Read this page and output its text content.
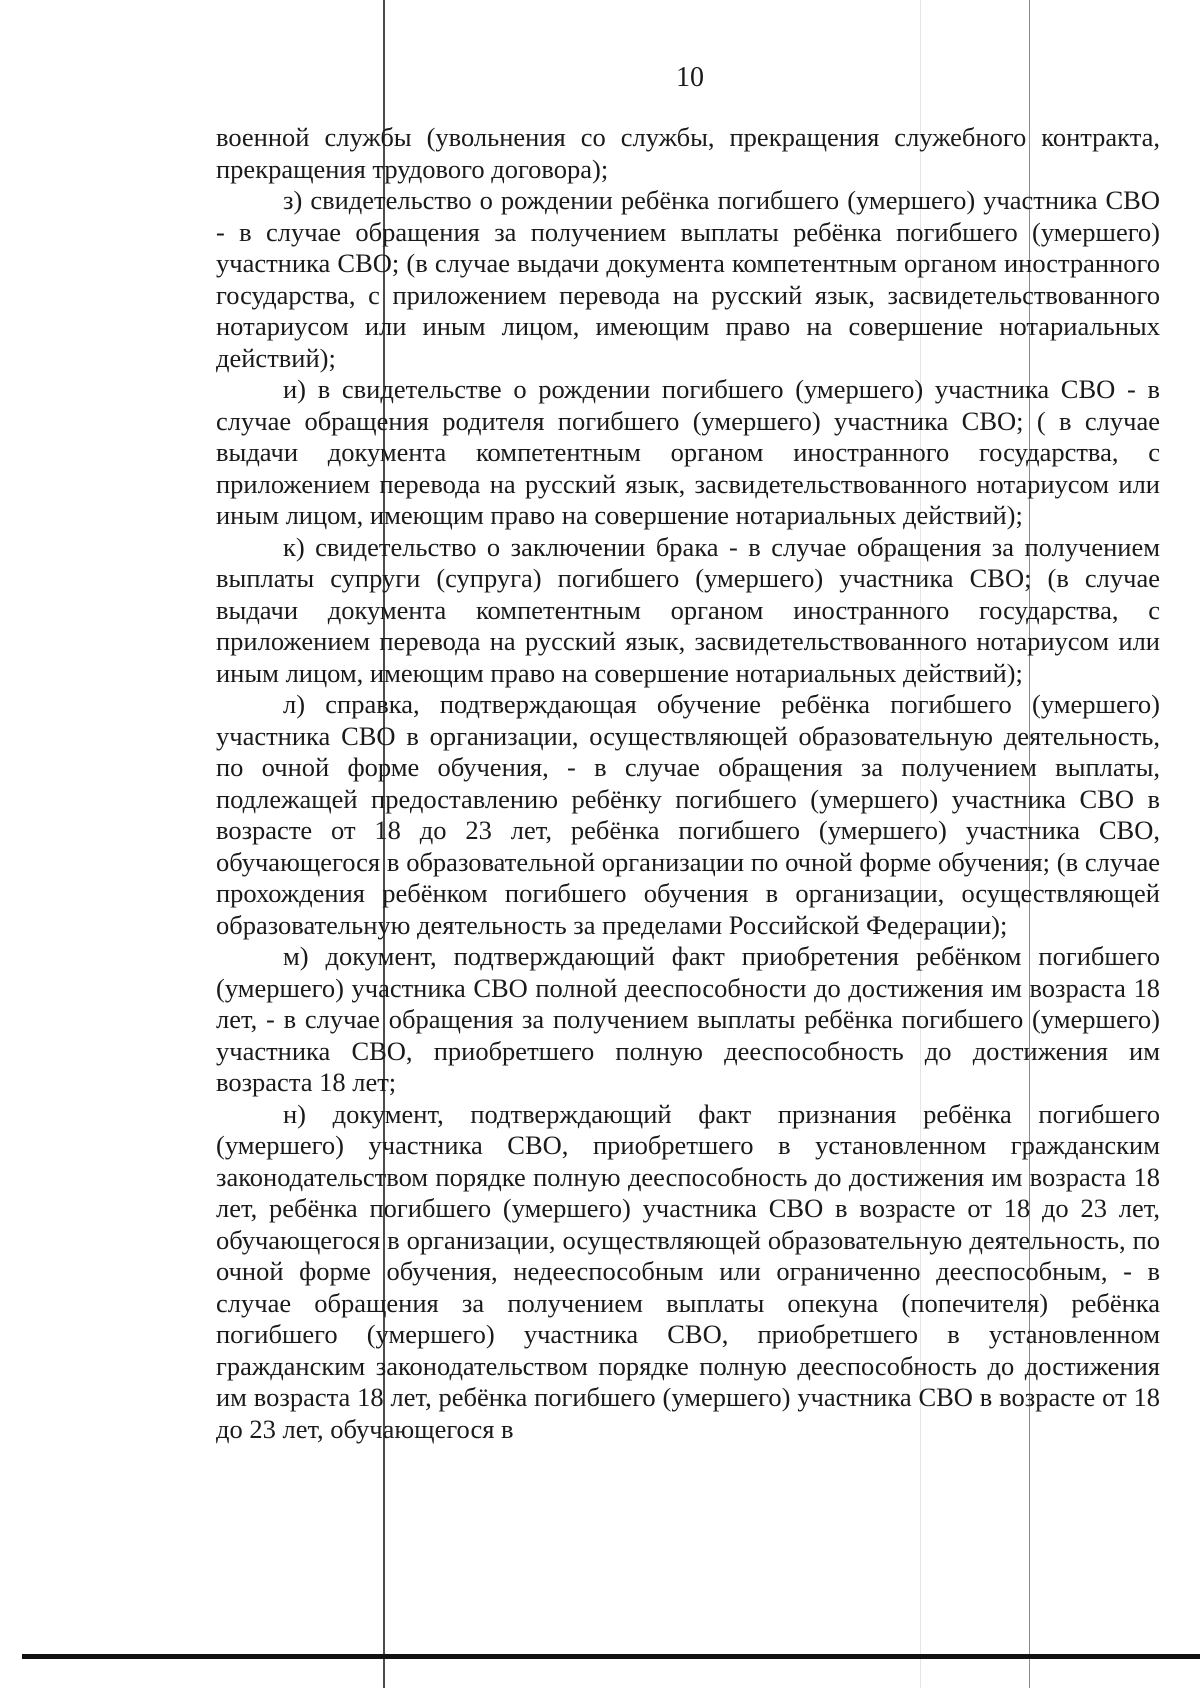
10

военной службы (увольнения со службы, прекращения служебного контракта, прекращения трудового договора);

з) свидетельство о рождении ребёнка погибшего (умершего) участника СВО - в случае обращения за получением выплаты ребёнка погибшего (умершего) участника СВО; (в случае выдачи документа компетентным органом иностранного государства, с приложением перевода на русский язык, засвидетельствованного нотариусом или иным лицом, имеющим право на совершение нотариальных действий);

и) в свидетельстве о рождении погибшего (умершего) участника СВО - в случае обращения родителя погибшего (умершего) участника СВО; ( в случае выдачи документа компетентным органом иностранного государства, с приложением перевода на русский язык, засвидетельствованного нотариусом или иным лицом, имеющим право на совершение нотариальных действий);

к) свидетельство о заключении брака - в случае обращения за получением выплаты супруги (супруга) погибшего (умершего) участника СВО; (в случае выдачи документа компетентным органом иностранного государства, с приложением перевода на русский язык, засвидетельствованного нотариусом или иным лицом, имеющим право на совершение нотариальных действий);

л) справка, подтверждающая обучение ребёнка погибшего (умершего) участника СВО в организации, осуществляющей образовательную деятельность, по очной форме обучения, - в случае обращения за получением выплаты, подлежащей предоставлению ребёнку погибшего (умершего) участника СВО в возрасте от 18 до 23 лет, ребёнка погибшего (умершего) участника СВО, обучающегося в образовательной организации по очной форме обучения; (в случае прохождения ребёнком погибшего обучения в организации, осуществляющей образовательную деятельность за пределами Российской Федерации);

м) документ, подтверждающий факт приобретения ребёнком погибшего (умершего) участника СВО полной дееспособности до достижения им возраста 18 лет, - в случае обращения за получением выплаты ребёнка погибшего (умершего) участника СВО, приобретшего полную дееспособность до достижения им возраста 18 лет;

н) документ, подтверждающий факт признания ребёнка погибшего (умершего) участника СВО, приобретшего в установленном гражданским законодательством порядке полную дееспособность до достижения им возраста 18 лет, ребёнка погибшего (умершего) участника СВО в возрасте от 18 до 23 лет, обучающегося в организации, осуществляющей образовательную деятельность, по очной форме обучения, недееспособным или ограниченно дееспособным, - в случае обращения за получением выплаты опекуна (попечителя) ребёнка погибшего (умершего) участника СВО, приобретшего в установленном гражданским законодательством порядке полную дееспособность до достижения им возраста 18 лет, ребёнка погибшего (умершего) участника СВО в возрасте от 18 до 23 лет, обучающегося в
